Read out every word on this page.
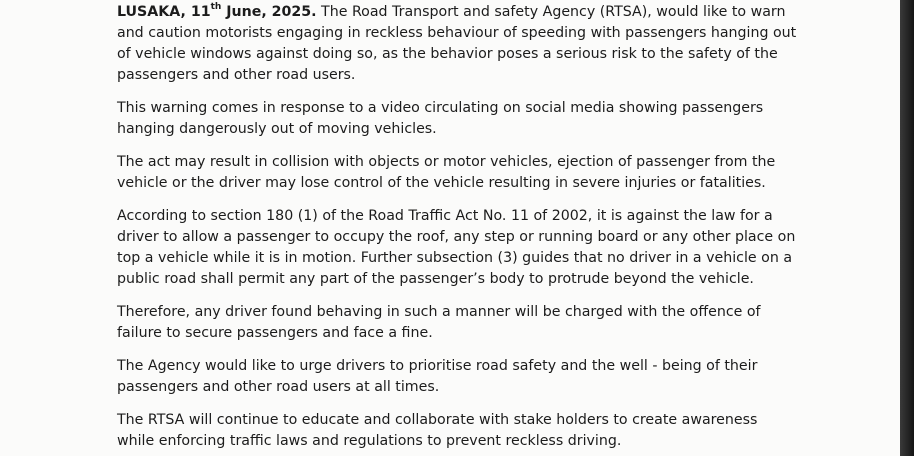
LUSAKA, 11th June, 2025. The Road Transport and safety Agency (RTSA), would like to warn and caution motorists engaging in reckless behaviour of speeding with passengers hanging out of vehicle windows against doing so, as the behavior poses a serious risk to the safety of the passengers and other road users.

This warning comes in response to a video circulating on social media showing passengers hanging dangerously out of moving vehicles.

The act may result in collision with objects or motor vehicles, ejection of passenger from the vehicle or the driver may lose control of the vehicle resulting in severe injuries or fatalities.

According to section 180 (1) of the Road Traffic Act No. 11 of 2002, it is against the law for a driver to allow a passenger to occupy the roof, any step or running board or any other place on top a vehicle while it is in motion. Further subsection (3) guides that no driver in a vehicle on a public road shall permit any part of the passenger’s body to protrude beyond the vehicle.

Therefore, any driver found behaving in such a manner will be charged with the offence of failure to secure passengers and face a fine.

The Agency would like to urge drivers to prioritise road safety and the well - being of their passengers and other road users at all times.

The RTSA will continue to educate and collaborate with stake holders to create awareness while enforcing traffic laws and regulations to prevent reckless driving.
